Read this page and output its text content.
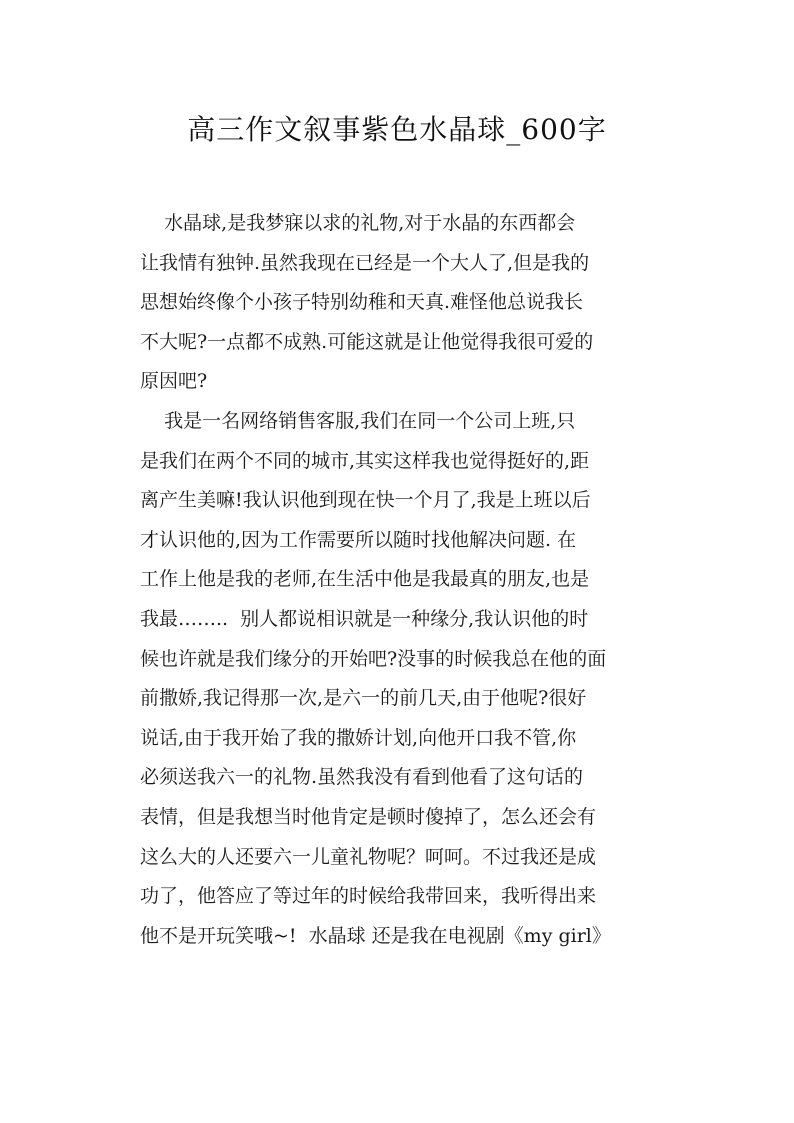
高三作文叙事紫色水晶球_600字
水晶球,是我梦寐以求的礼物,对于水晶的东西都会
让我情有独钟.虽然我现在已经是一个大人了,但是我的
思想始终像个小孩子特别幼稚和天真.难怪他总说我长
不大呢?一点都不成熟.可能这就是让他觉得我很可爱的
原因吧?
我是一名网络销售客服,我们在同一个公司上班,只
是我们在两个不同的城市,其实这样我也觉得挺好的,距
离产生美嘛!我认识他到现在快一个月了,我是上班以后
才认识他的,因为工作需要所以随时找他解决问题. 在
工作上他是我的老师,在生活中他是我最真的朋友,也是
我最……..  别人都说相识就是一种缘分,我认识他的时
候也许就是我们缘分的开始吧?没事的时候我总在他的面
前撒娇,我记得那一次,是六一的前几天,由于他呢?很好
说话,由于我开始了我的撒娇计划,向他开口我不管,你
必须送我六一的礼物.虽然我没有看到他看了这句话的
表情，但是我想当时他肯定是顿时傻掉了，怎么还会有
这么大的人还要六一儿童礼物呢？呵呵。不过我还是成
功了，他答应了等过年的时候给我带回来，我听得出来
他不是开玩笑哦~!  水晶球 还是我在电视剧《my girl》
